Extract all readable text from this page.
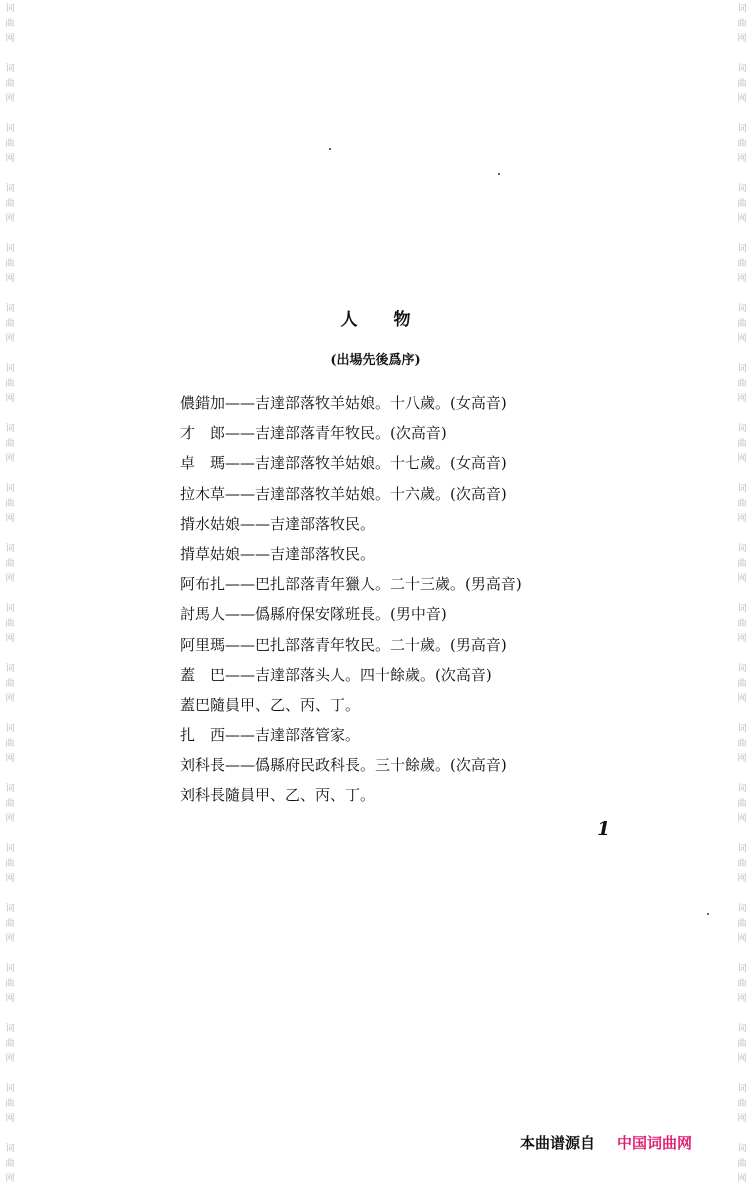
词
曲
网
词
曲
网
词
曲
网
词
曲
网
词
曲
网
词
曲
网
词
曲
网
词
曲
网
词
曲
网
词
曲
网
词
曲
网
词
曲
网
词
曲
网
词
曲
网
词
曲
网
词
曲
网
词
曲
网
词
曲
网
词
曲
网
词
曲
网
词
曲
网
词
曲
网
词
曲
网
词
曲
网
词
曲
网
词
曲
网
词
曲
网
词
曲
网
词
曲
网
词
曲
网
词
曲
网
词
曲
网
词
曲
网
词
曲
网
词
曲
网
词
曲
网
词
曲
网
词
曲
网
词
曲
网
词
曲
网
人物
(出場先後爲序)
儂錯加——吉達部落牧羊姑娘。十八歲。(女高音)
才　郎——吉達部落青年牧民。(次高音)
卓　瑪——吉達部落牧羊姑娘。十七歲。(女高音)
拉木草——吉達部落牧羊姑娘。十六歲。(次高音)
揹水姑娘——吉達部落牧民。
揹草姑娘——吉達部落牧民。
阿布扎——巴扎部落青年獵人。二十三歲。(男高音)
討馬人——僞縣府保安隊班長。(男中音)
阿里瑪——巴扎部落青年牧民。二十歲。(男高音)
蓋　巴——吉達部落头人。四十餘歲。(次高音)
蓋巴隨員甲、乙、丙、丁。
扎　西——吉達部落管家。
刘科長——僞縣府民政科長。三十餘歲。(次高音)
刘科長隨員甲、乙、丙、丁。
1
本曲谱源自 中国词曲网
